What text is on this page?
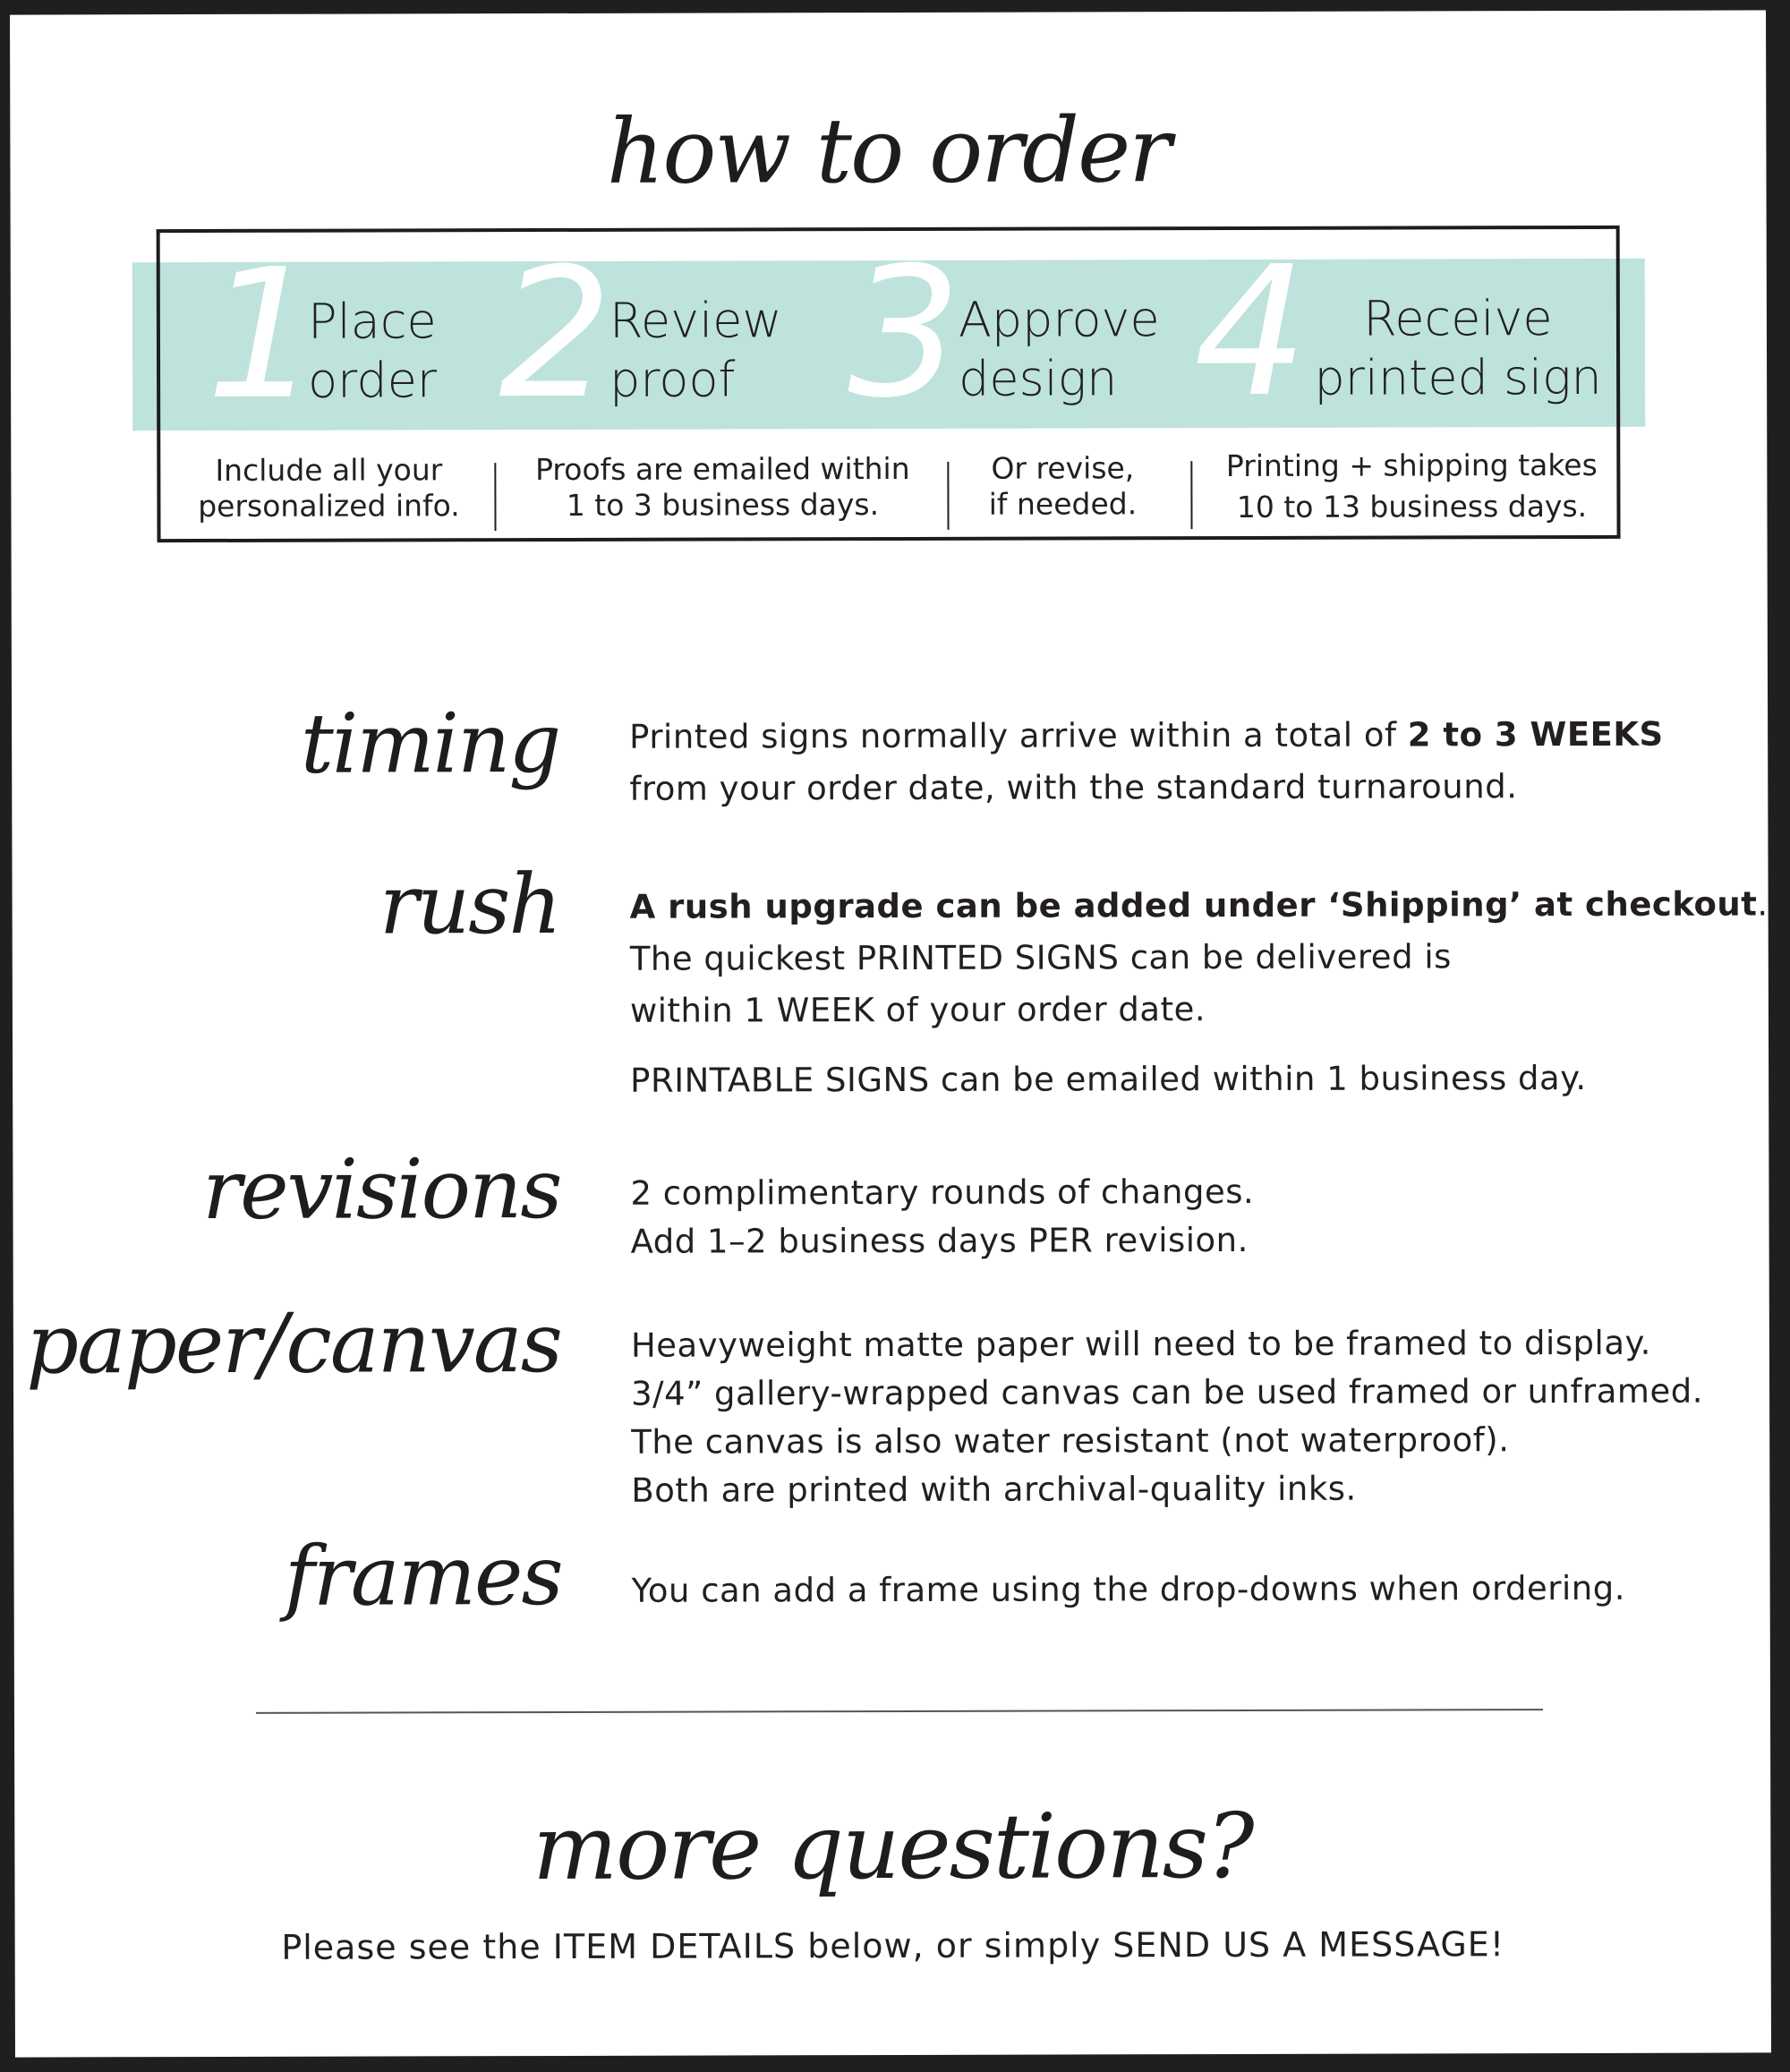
how to order
1
Place
order 2
Review
proof 3
Approve
design 4	Receive
printed sign
Include all your
personalized info.
Proofs are emailed within
1 to 3 business days.
Or revise,
if needed.
Printing + shipping takes
10 to 13 business days.
timing Printed signs normally arrive within a total of 2 to 3 WEEKS

from your order date, with the standard turnaround.

rush A rush upgrade can be added under ‘Shipping’ at checkout.

The quickest PRINTED SIGNS can be delivered is

within 1 WEEK of your order date.

PRINTABLE SIGNS can be emailed within 1 business day.

revisions 2 complimentary rounds of changes.

Add 1–2 business days PER revision.

paper/canvas Heavyweight matte paper will need to be framed to display.

3/4” gallery-wrapped canvas can be used framed or unframed.

The canvas is also water resistant (not waterproof).

Both are printed with archival-quality inks.

frames You can add a frame using the drop-downs when ordering.

more questions?
Please see the ITEM DETAILS below, or simply SEND US A MESSAGE!
